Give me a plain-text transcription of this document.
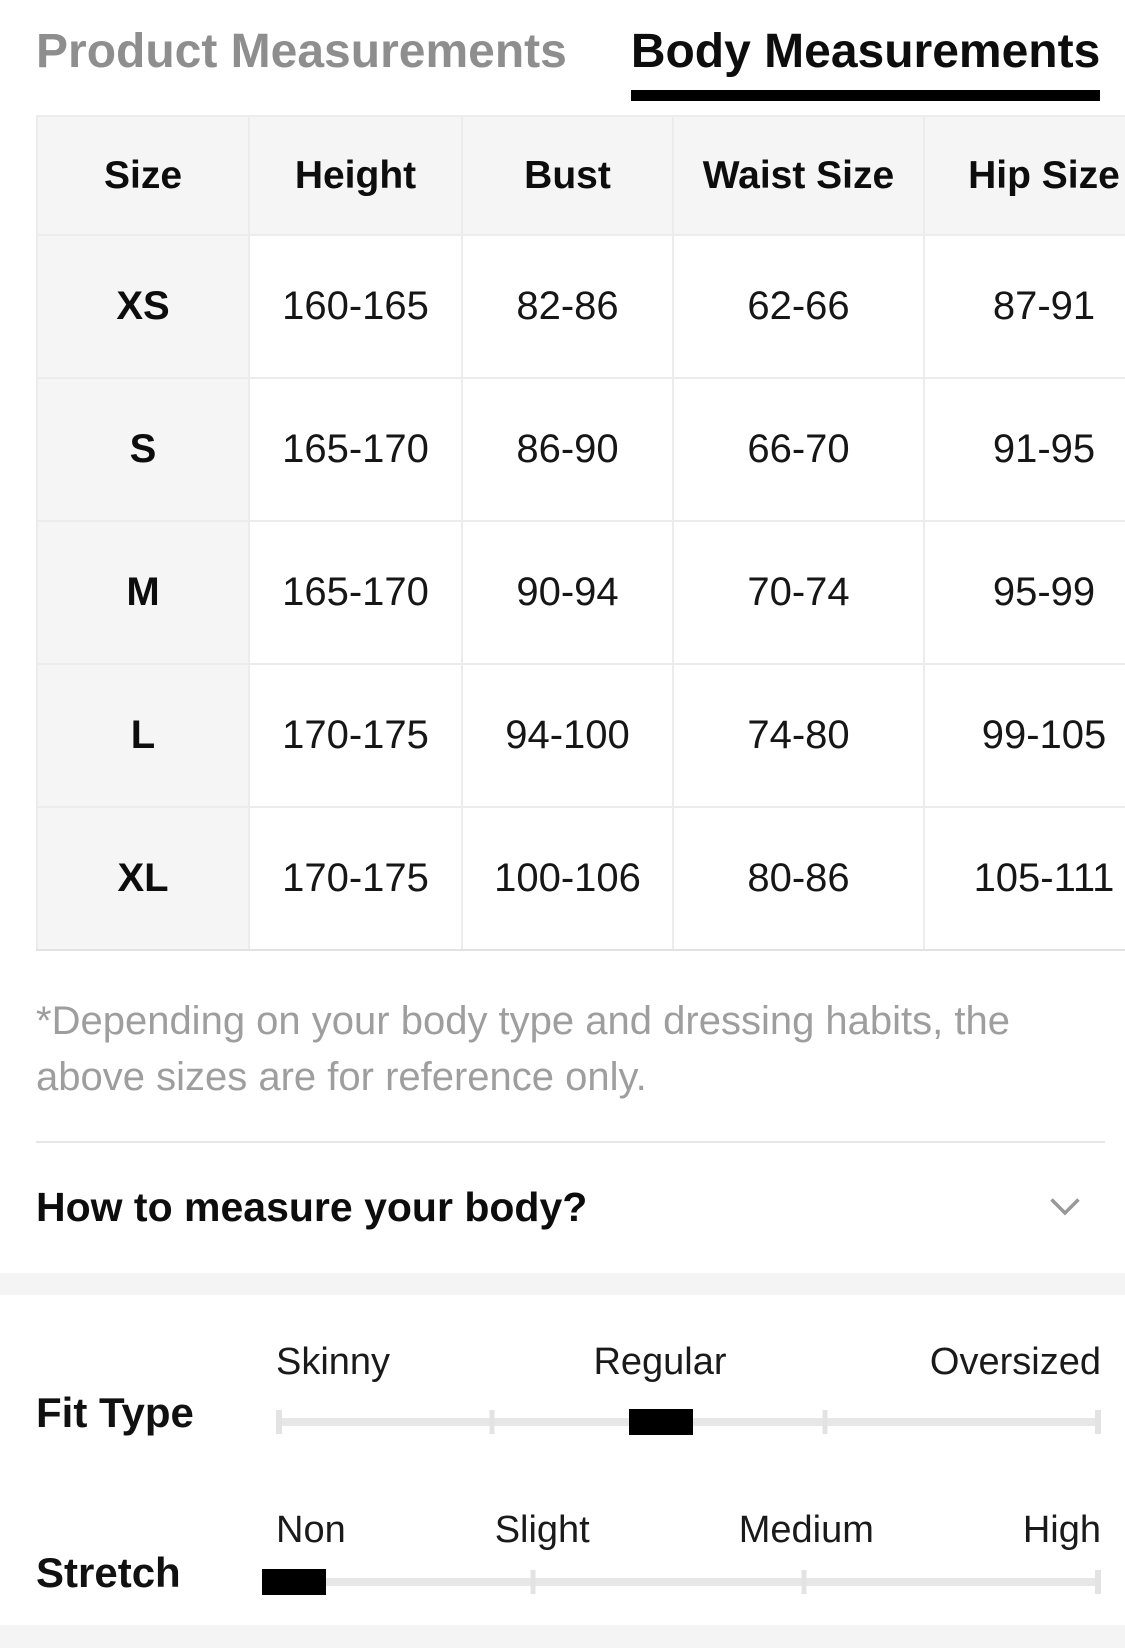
Product Measurements Body Measurements
Size	Height	Bust	Waist Size	Hip Size
XS	160-165	82-86	62-66	87-91
S	165-170	86-90	66-70	91-95
M	165-170	90-94	70-74	95-99
L	170-175	94-100	74-80	99-105
XL	170-175	100-106	80-86	105-111
*Depending on your body type and dressing habits, the above sizes are for reference only.
How to measure your body?
Fit Type
Skinny	Regular	Oversized
Stretch
Non	Slight	Medium	High
